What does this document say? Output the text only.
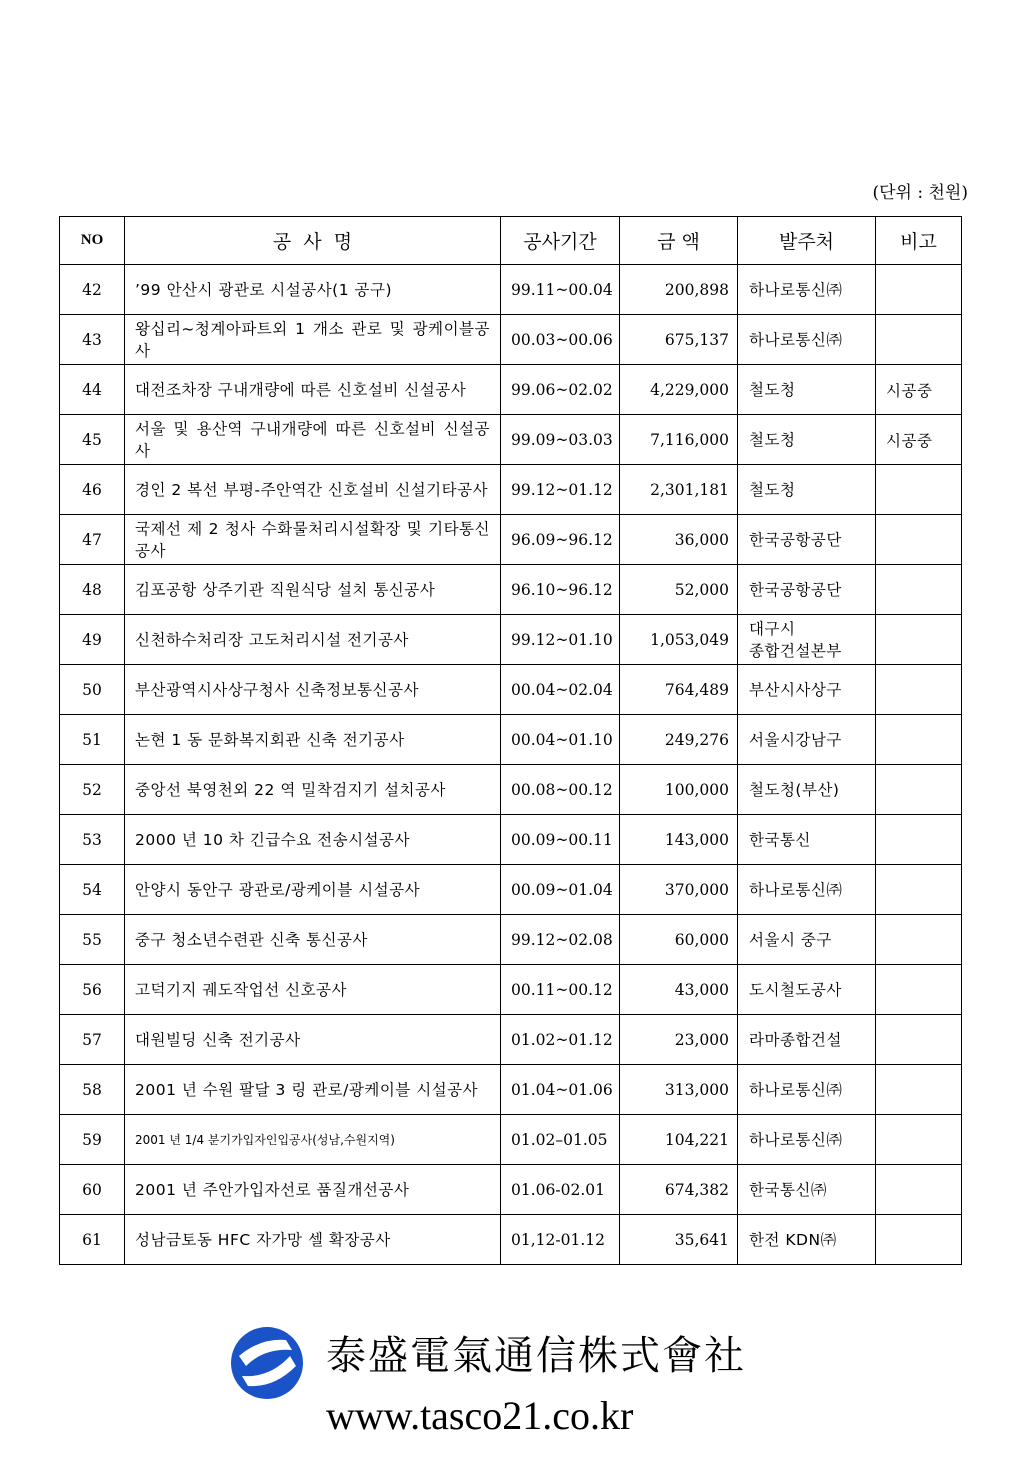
(단위 : 천원)
NO	공  사  명	공사기간	금 액	발주처	비고
42	’99 안산시 광관로 시설공사(1 공구)	99.11~00.04	200,898	하나로통신㈜	
43	왕십리~청계아파트외 1 개소 관로 및 광케이블공사	00.03~00.06	675,137	하나로통신㈜	
44	대전조차장 구내개량에 따른 신호설비 신설공사	99.06~02.02	4,229,000	철도청	시공중
45	서울 및 용산역 구내개량에 따른 신호설비 신설공사	99.09~03.03	7,116,000	철도청	시공중
46	경인 2 복선 부평-주안역간 신호설비 신설기타공사	99.12~01.12	2,301,181	철도청	
47	국제선 제 2 청사 수화물처리시설확장 및 기타통신공사	96.09~96.12	36,000	한국공항공단	
48	김포공항 상주기관 직원식당 설치 통신공사	96.10~96.12	52,000	한국공항공단	
49	신천하수처리장 고도처리시설 전기공사	99.12~01.10	1,053,049	대구시
종합건설본부	
50	부산광역시사상구청사 신축정보통신공사	00.04~02.04	764,489	부산시사상구	
51	논현 1 동 문화복지회관 신축 전기공사	00.04~01.10	249,276	서울시강남구	
52	중앙선 북영천외 22 역 밀착검지기 설치공사	00.08~00.12	100,000	철도청(부산)	
53	2000 년 10 차 긴급수요 전송시설공사	00.09~00.11	143,000	한국통신	
54	안양시 동안구 광관로/광케이블 시설공사	00.09~01.04	370,000	하나로통신㈜	
55	중구 청소년수련관 신축 통신공사	99.12~02.08	60,000	서울시 중구	
56	고덕기지 궤도작업선 신호공사	00.11~00.12	43,000	도시철도공사	
57	대원빌딩 신축 전기공사	01.02~01.12	23,000	라마종합건설	
58	2001 년 수원 팔달 3 링 관로/광케이블 시설공사	01.04~01.06	313,000	하나로통신㈜	
59	2001 년 1/4 분기가입자인입공사(성남,수원지역)	01.02–01.05	104,221	하나로통신㈜	
60	2001 년 주안가입자선로 품질개선공사	01.06-02.01	674,382	한국통신㈜	
61	성남금토동 HFC 자가망 셀 확장공사	01,12-01.12	35,641	한전 KDN㈜	
泰盛電氣通信株式會社
www.tasco21.co.kr
